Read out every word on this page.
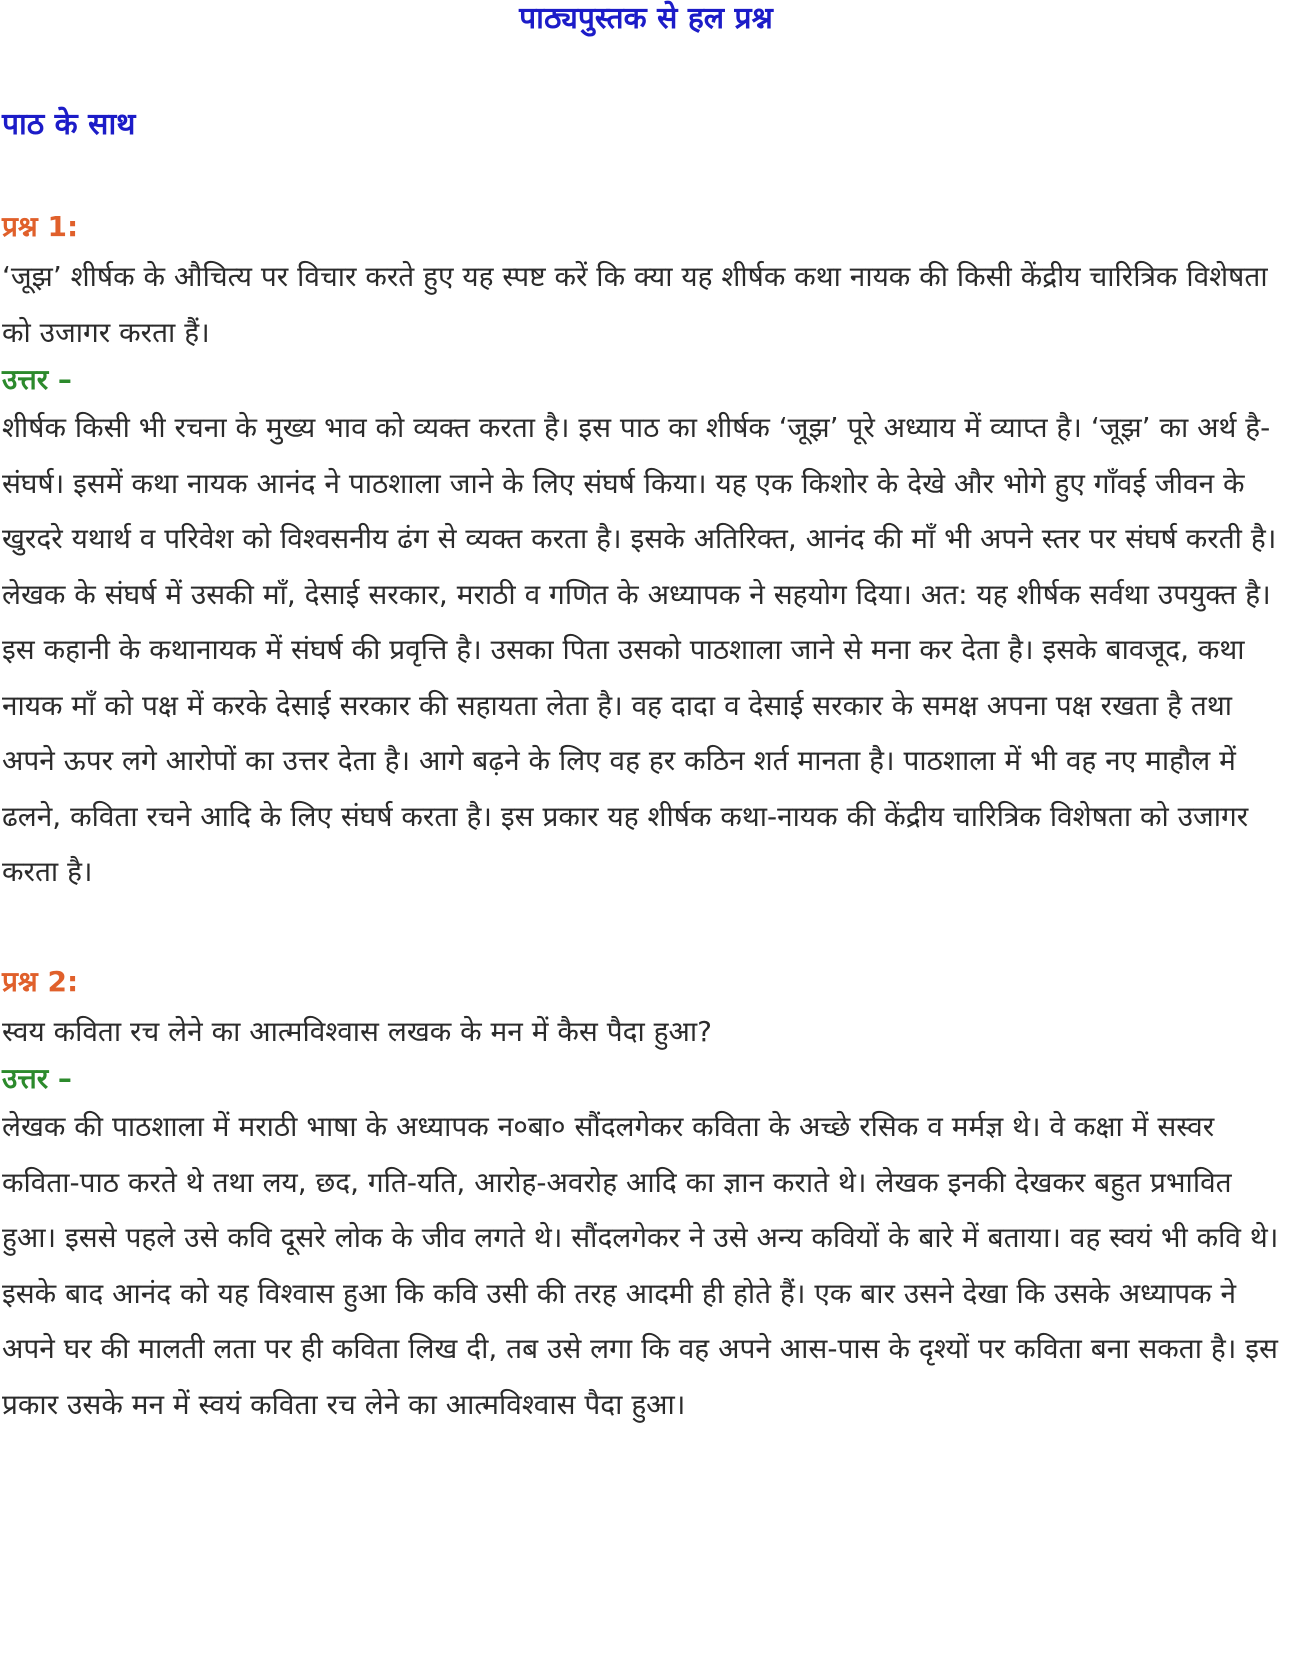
पाठ्यपुस्तक से हल प्रश्न
पाठ के साथ

प्रश्न 1:

‘जूझ’ शीर्षक के औचित्य पर विचार करते हुए यह स्पष्ट करें कि क्या यह शीर्षक कथा नायक की किसी केंद्रीय चारित्रिक विशेषता को उजागर करता हैं।

उत्तर –

शीर्षक किसी भी रचना के मुख्य भाव को व्यक्त करता है। इस पाठ का शीर्षक ‘जूझ’ पूरे अध्याय में व्याप्त है। ‘जूझ’ का अर्थ है-संघर्ष। इसमें कथा नायक आनंद ने पाठशाला जाने के लिए संघर्ष किया। यह एक किशोर के देखे और भोगे हुए गाँवई जीवन के खुरदरे यथार्थ व परिवेश को विश्वसनीय ढंग से व्यक्त करता है। इसके अतिरिक्त, आनंद की माँ भी अपने स्तर पर संघर्ष करती है। लेखक के संघर्ष में उसकी माँ, देसाई सरकार, मराठी व गणित के अध्यापक ने सहयोग दिया। अत: यह शीर्षक सर्वथा उपयुक्त है। इस कहानी के कथानायक में संघर्ष की प्रवृत्ति है। उसका पिता उसको पाठशाला जाने से मना कर देता है। इसके बावजूद, कथा नायक माँ को पक्ष में करके देसाई सरकार की सहायता लेता है। वह दादा व देसाई सरकार के समक्ष अपना पक्ष रखता है तथा अपने ऊपर लगे आरोपों का उत्तर देता है। आगे बढ़ने के लिए वह हर कठिन शर्त मानता है। पाठशाला में भी वह नए माहौल में ढलने, कविता रचने आदि के लिए संघर्ष करता है। इस प्रकार यह शीर्षक कथा-नायक की केंद्रीय चारित्रिक विशेषता को उजागर करता है।

प्रश्न 2:

स्वय कविता रच लेने का आत्मविश्वास लखक के मन में कैस पैदा हुआ?

उत्तर –

लेखक की पाठशाला में मराठी भाषा के अध्यापक न०बा० सौंदलगेकर कविता के अच्छे रसिक व मर्मज्ञ थे। वे कक्षा में सस्वर कविता-पाठ करते थे तथा लय, छद, गति-यति, आरोह-अवरोह आदि का ज्ञान कराते थे। लेखक इनकी देखकर बहुत प्रभावित हुआ। इससे पहले उसे कवि दूसरे लोक के जीव लगते थे। सौंदलगेकर ने उसे अन्य कवियों के बारे में बताया। वह स्वयं भी कवि थे। इसके बाद आनंद को यह विश्वास हुआ कि कवि उसी की तरह आदमी ही होते हैं। एक बार उसने देखा कि उसके अध्यापक ने अपने घर की मालती लता पर ही कविता लिख दी, तब उसे लगा कि वह अपने आस-पास के दृश्यों पर कविता बना सकता है। इस प्रकार उसके मन में स्वयं कविता रच लेने का आत्मविश्वास पैदा हुआ।
